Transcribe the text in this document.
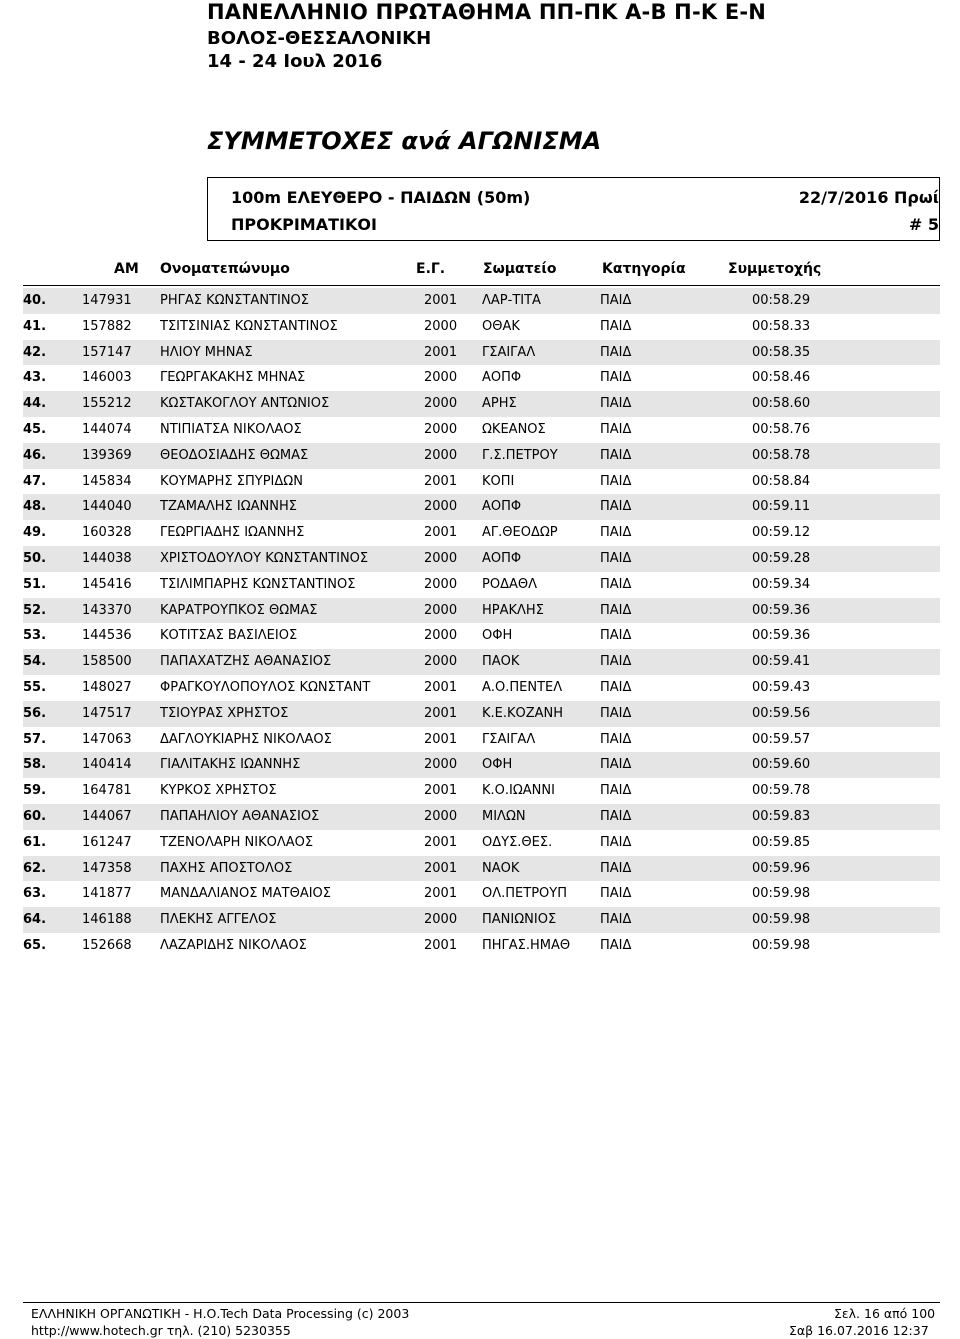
ΠΑΝΕΛΛΗΝΙΟ ΠΡΩΤΑΘΗΜΑ ΠΠ-ΠΚ Α-Β Π-Κ Ε-Ν
ΒΟΛΟΣ-ΘΕΣΣΑΛΟΝΙΚΗ
14 - 24 Ιουλ 2016
ΣΥΜΜΕΤΟΧΕΣ ανά ΑΓΩΝΙΣΜΑ
100m ΕΛΕΥΘΕΡΟ - ΠΑΙΔΩΝ (50m)	22/7/2016 Πρωί
ΠΡΟΚΡΙΜΑΤΙΚΟΙ	# 5
ΑΜ Ονοματεπώνυμο	Ε.Γ.	Σωματείο	Κατηγορία	Συμμετοχής
40.	147931 ΡΗΓΑΣ ΚΩΝΣΤΑΝΤΙΝΟΣ	2001 ΛΑΡ-ΤΙΤΑ	ΠΑΙΔ	00:58.29
41.	157882 ΤΣΙΤΣΙΝΙΑΣ ΚΩΝΣΤΑΝΤΙΝΟΣ	2000 ΟΘΑΚ	ΠΑΙΔ	00:58.33
42.	157147 ΗΛΙΟΥ ΜΗΝΑΣ	2001 ΓΣΑΙΓΑΛ	ΠΑΙΔ	00:58.35
43.	146003 ΓΕΩΡΓΑΚΑΚΗΣ ΜΗΝΑΣ	2000 ΑΟΠΦ	ΠΑΙΔ	00:58.46
44.	155212 ΚΩΣΤΑΚΟΓΛΟΥ ΑΝΤΩΝΙΟΣ	2000 ΑΡΗΣ	ΠΑΙΔ	00:58.60
45.	144074 ΝΤΙΠΙΑΤΣΑ ΝΙΚΟΛΑΟΣ	2000 ΩΚΕΑΝΟΣ	ΠΑΙΔ	00:58.76
46.	139369 ΘΕΟΔΟΣΙΑΔΗΣ ΘΩΜΑΣ	2000 Γ.Σ.ΠΕΤΡΟΥ	ΠΑΙΔ	00:58.78
47.	145834 ΚΟΥΜΑΡΗΣ ΣΠΥΡΙΔΩΝ	2001 ΚΟΠΙ	ΠΑΙΔ	00:58.84
48.	144040 ΤΖΑΜΑΛΗΣ ΙΩΑΝΝΗΣ	2000 ΑΟΠΦ	ΠΑΙΔ	00:59.11
49.	160328 ΓΕΩΡΓΙΑΔΗΣ ΙΩΑΝΝΗΣ	2001 ΑΓ.ΘΕΟΔΩΡ	ΠΑΙΔ	00:59.12
50.	144038 ΧΡΙΣΤΟΔΟΥΛΟΥ ΚΩΝΣΤΑΝΤΙΝΟΣ	2000 ΑΟΠΦ	ΠΑΙΔ	00:59.28
51.	145416 ΤΣΙΛΙΜΠΑΡΗΣ ΚΩΝΣΤΑΝΤΙΝΟΣ	2000 ΡΟΔΑΘΛ	ΠΑΙΔ	00:59.34
52.	143370 ΚΑΡΑΤΡΟΥΠΚΟΣ ΘΩΜΑΣ	2000 ΗΡΑΚΛΗΣ	ΠΑΙΔ	00:59.36
53.	144536 ΚΟΤΙΤΣΑΣ ΒΑΣΙΛΕΙΟΣ	2000 ΟΦΗ	ΠΑΙΔ	00:59.36
54.	158500 ΠΑΠΑΧΑΤΖΗΣ ΑΘΑΝΑΣΙΟΣ	2000 ΠΑΟΚ	ΠΑΙΔ	00:59.41
55.	148027 ΦΡΑΓΚΟΥΛΟΠΟΥΛΟΣ ΚΩΝΣΤΑΝΤ	2001 Α.Ο.ΠΕΝΤΕΛ	ΠΑΙΔ	00:59.43
56.	147517 ΤΣΙΟΥΡΑΣ ΧΡΗΣΤΟΣ	2001 Κ.Ε.ΚΟΖΑΝΗ	ΠΑΙΔ	00:59.56
57.	147063 ΔΑΓΛΟΥΚΙΑΡΗΣ ΝΙΚΟΛΑΟΣ	2001 ΓΣΑΙΓΑΛ	ΠΑΙΔ	00:59.57
58.	140414 ΓΙΑΛΙΤΑΚΗΣ ΙΩΑΝΝΗΣ	2000 ΟΦΗ	ΠΑΙΔ	00:59.60
59.	164781 ΚΥΡΚΟΣ ΧΡΗΣΤΟΣ	2001 Κ.Ο.ΙΩΑΝΝΙ	ΠΑΙΔ	00:59.78
60.	144067 ΠΑΠΑΗΛΙΟΥ ΑΘΑΝΑΣΙΟΣ	2000 ΜΙΛΩΝ	ΠΑΙΔ	00:59.83
61.	161247 ΤΖΕΝΟΛΑΡΗ ΝΙΚΟΛΑΟΣ	2001 ΟΔΥΣ.ΘΕΣ.	ΠΑΙΔ	00:59.85
62.	147358 ΠΑΧΗΣ ΑΠΟΣΤΟΛΟΣ	2001 ΝΑΟΚ	ΠΑΙΔ	00:59.96
63.	141877 ΜΑΝΔΑΛΙΑΝΟΣ ΜΑΤΘΑΙΟΣ	2001 ΟΛ.ΠΕΤΡΟΥΠ	ΠΑΙΔ	00:59.98
64.	146188 ΠΛΕΚΗΣ ΑΓΓΕΛΟΣ	2000 ΠΑΝΙΩΝΙΟΣ	ΠΑΙΔ	00:59.98
65.	152668 ΛΑΖΑΡΙΔΗΣ ΝΙΚΟΛΑΟΣ	2001 ΠΗΓΑΣ.ΗΜΑΘ ΠΑΙΔ	00:59.98
ΕΛΛΗΝΙΚΗ ΟΡΓΑΝΩΤΙΚΗ - Η.Ο.Tech Data Processing (c) 2003
http://www.hotech.gr τηλ. (210) 5230355
Σελ. 16 από 100
Σαβ 16.07.2016 12:37
